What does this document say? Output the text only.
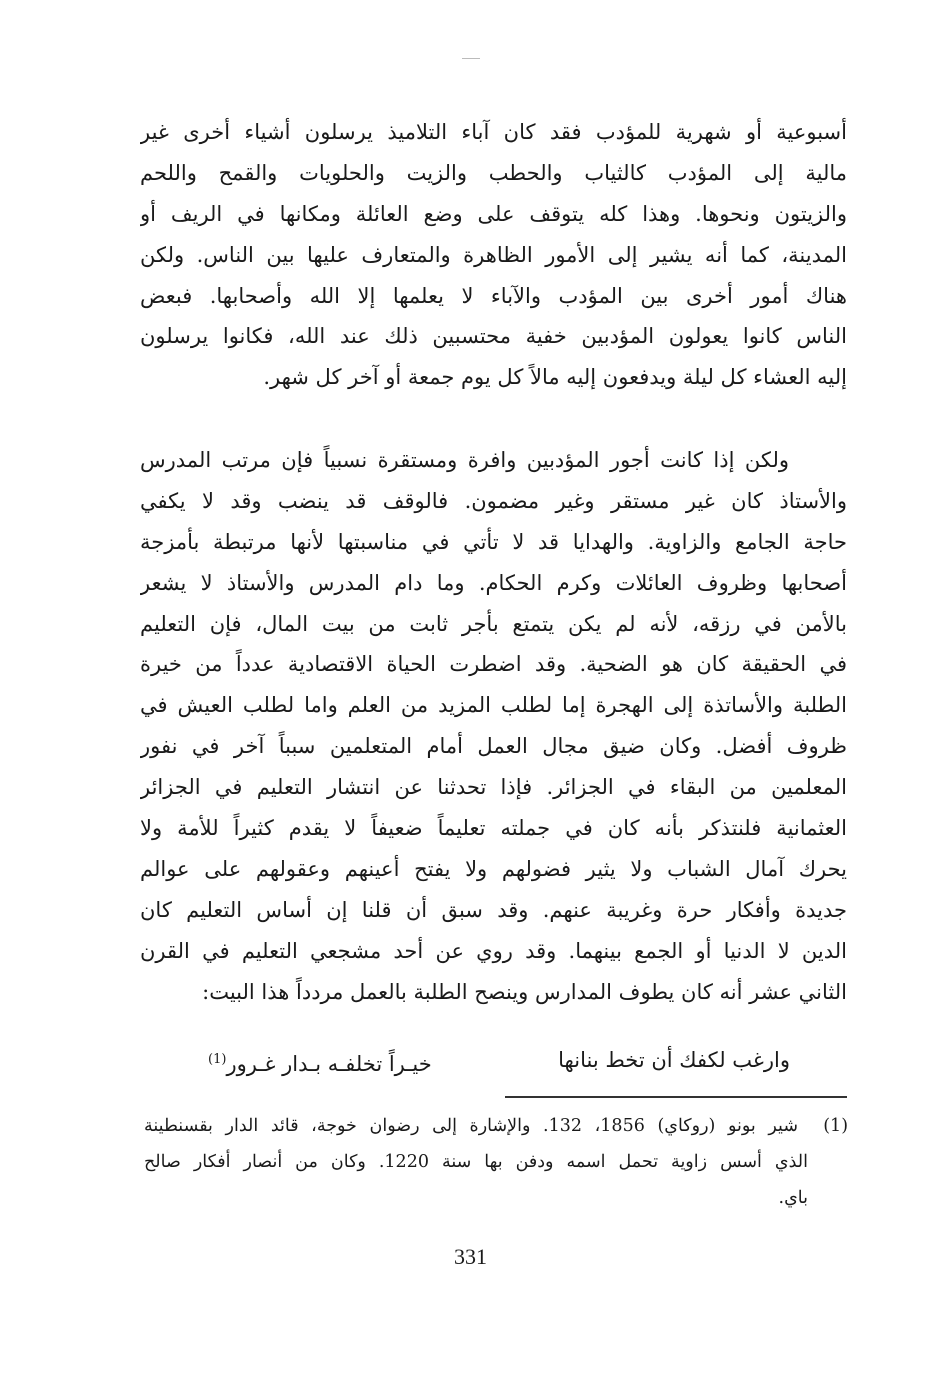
أسبوعية أو شهرية للمؤدب فقد كان آباء التلاميذ يرسلون أشياء أخرى غير
مالية إلى المؤدب كالثياب والحطب والزيت والحلويات والقمح واللحم
والزيتون ونحوها. وهذا كله يتوقف على وضع العائلة ومكانها في الريف أو
المدينة، كما أنه يشير إلى الأمور الظاهرة والمتعارف عليها بين الناس. ولكن
هناك أمور أخرى بين المؤدب والآباء لا يعلمها إلا الله وأصحابها. فبعض
الناس كانوا يعولون المؤدبين خفية محتسبين ذلك عند الله، فكانوا يرسلون
إليه العشاء كل ليلة ويدفعون إليه مالاً كل يوم جمعة أو آخر كل شهر.
ولكن إذا كانت أجور المؤدبين وافرة ومستقرة نسبياً فإن مرتب المدرس
والأستاذ كان غير مستقر وغير مضمون. فالوقف قد ينضب وقد لا يكفي
حاجة الجامع والزاوية. والهدايا قد لا تأتي في مناسبتها لأنها مرتبطة بأمزجة
أصحابها وظروف العائلات وكرم الحكام. وما دام المدرس والأستاذ لا يشعر
بالأمن في رزقه، لأنه لم يكن يتمتع بأجر ثابت من بيت المال، فإن التعليم
في الحقيقة كان هو الضحية. وقد اضطرت الحياة الاقتصادية عدداً من خيرة
الطلبة والأساتذة إلى الهجرة إما لطلب المزيد من العلم واما لطلب العيش في
ظروف أفضل. وكان ضيق مجال العمل أمام المتعلمين سبباً آخر في نفور
المعلمين من البقاء في الجزائر. فإذا تحدثنا عن انتشار التعليم في الجزائر
العثمانية فلنتذكر بأنه كان في جملته تعليماً ضعيفاً لا يقدم كثيراً للأمة ولا
يحرك آمال الشباب ولا يثير فضولهم ولا يفتح أعينهم وعقولهم على عوالم
جديدة وأفكار حرة وغريبة عنهم. وقد سبق أن قلنا إن أساس التعليم كان
الدين لا الدنيا أو الجمع بينهما. وقد روي عن أحد مشجعي التعليم في القرن
الثاني عشر أنه كان يطوف المدارس وينصح الطلبة بالعمل مردداً هذا البيت:
وارغب لكفك أن تخط بنانها
خيـراً تخلفـه بـدار غـرور$^{(1)}$
(1)  شير بونو (روكاي) 1856، 132. والإشارة إلى رضوان خوجة، قائد الدار بقسنطينة
الذي أسس زاوية تحمل اسمه ودفن بها سنة 1220. وكان من أنصار أفكار صالح
باي.
331
